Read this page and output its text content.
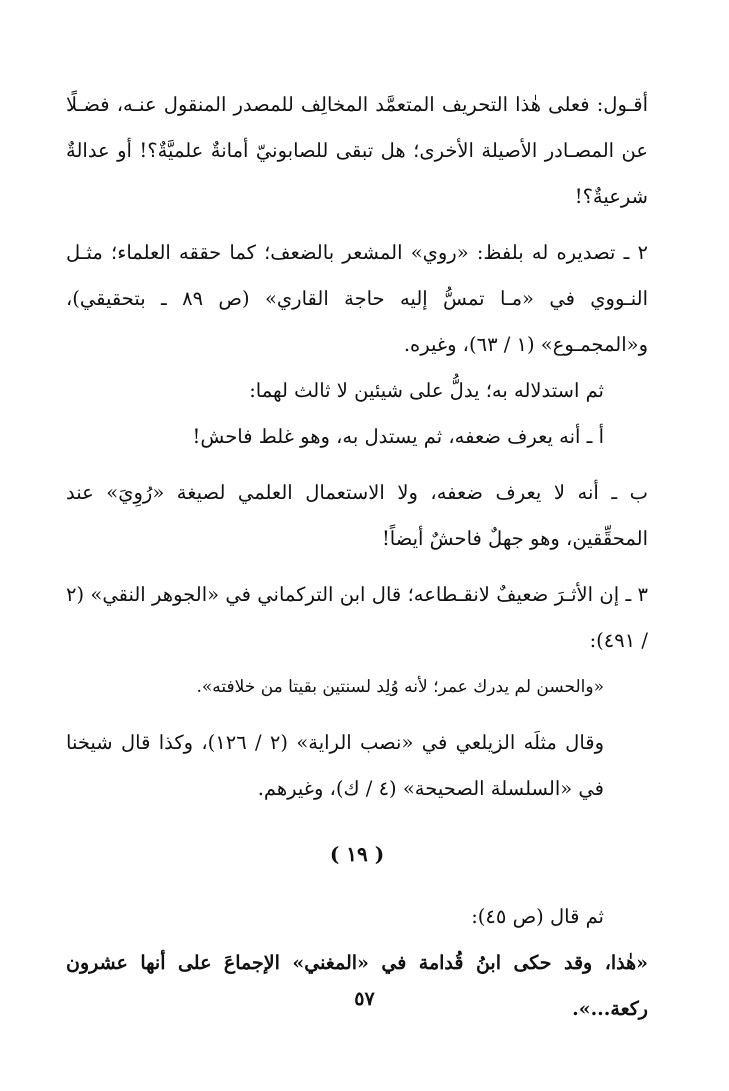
أقـول: فعلى هٰذا التحريف المتعمَّد المخالِف للمصدر المنقول عنـه، فضـلًا عن المصـادر الأصيلة الأخرى؛ هل تبقى للصابونيّ أمانةٌ علميَّةٌ؟! أو عدالةٌ شرعيةٌ؟!

٢ ـ تصديره له بلفظ: «روي» المشعر بالضعف؛ كما حققه العلماء؛ مثـل النـووي في «مـا تمسُّ إليه حاجة القاري» (ص ٨٩ ـ بتحقيقي)، و«المجمـوع» (١ / ٦٣)، وغيره.

ثم استدلاله به؛ يدلُّ على شيئين لا ثالث لهما:

أ ـ أنه يعرف ضعفه، ثم يستدل به، وهو غلط فاحش!

ب ـ أنه لا يعرف ضعفه، ولا الاستعمال العلمي لصيغة «رُوِيَ» عند المحقِّقين، وهو جهلٌ فاحشٌ أيضاً!

٣ ـ إن الأثـرَ ضعيفٌ لانقـطاعه؛ قال ابن التركماني في «الجوهر النقي» (٢ / ٤٩١):

«والحسن لم يدرك عمر؛ لأنه وُلِد لسنتين بقيتا من خلافته».

وقال مثلَه الزيلعي في «نصب الراية» (٢ / ١٢٦)، وكذا قال شيخنا في «السلسلة الصحيحة» (٤ / ك)، وغيرهم.

( ١٩ )

ثم قال (ص ٤٥):

«هٰذا، وقد حكى ابنُ قُدامة في «المغني» الإجماعَ على أنها عشرون ركعة...».

٥٧
